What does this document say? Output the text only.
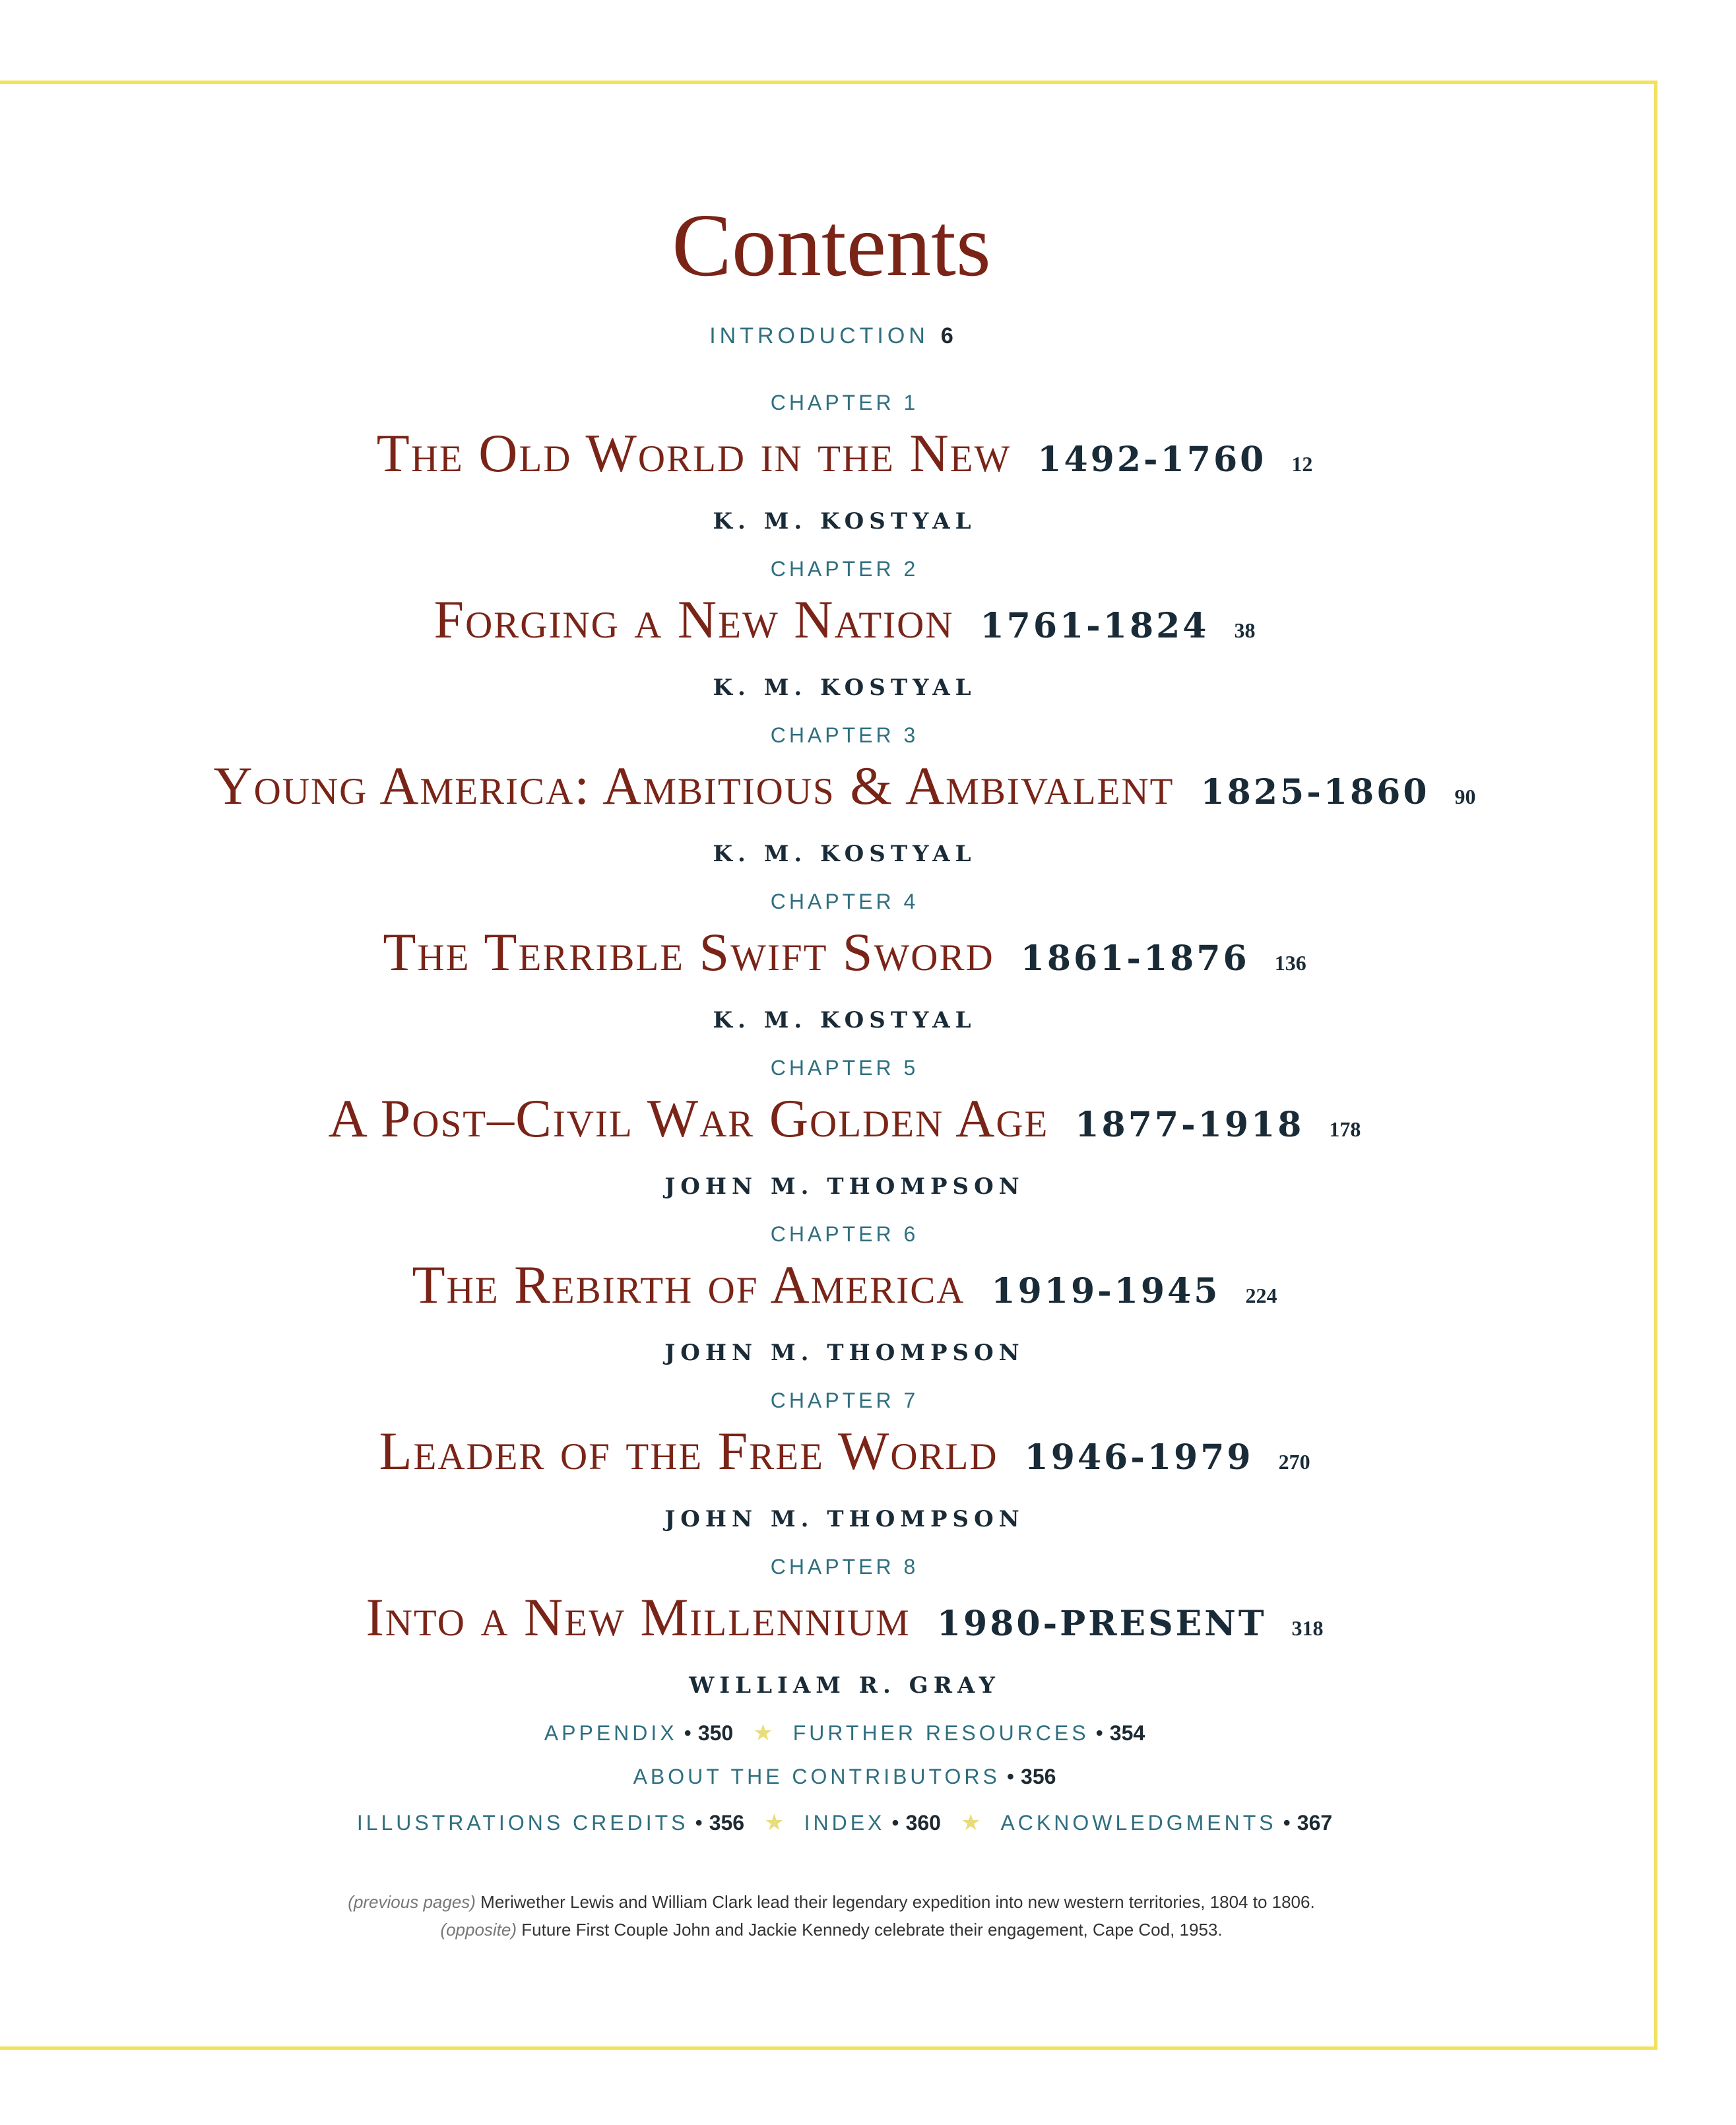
Contents
INTRODUCTION 6
CHAPTER 1
The Old World in the New 1492-1760 12
K. M. KOSTYAL
CHAPTER 2
Forging a New Nation 1761-1824 38
K. M. KOSTYAL
CHAPTER 3
Young America: Ambitious & Ambivalent 1825-1860 90
K. M. KOSTYAL
CHAPTER 4
The Terrible Swift Sword 1861-1876 136
K. M. KOSTYAL
CHAPTER 5
A Post–Civil War Golden Age 1877-1918 178
JOHN M. THOMPSON
CHAPTER 6
The Rebirth of America 1919-1945 224
JOHN M. THOMPSON
CHAPTER 7
Leader of the Free World 1946-1979 270
JOHN M. THOMPSON
CHAPTER 8
Into a New Millennium 1980-PRESENT 318
WILLIAM R. GRAY
APPENDIX • 350 ★ FURTHER RESOURCES • 354
ABOUT THE CONTRIBUTORS • 356
ILLUSTRATIONS CREDITS • 356 ★ INDEX • 360 ★ ACKNOWLEDGMENTS • 367
(previous pages) Meriwether Lewis and William Clark lead their legendary expedition into new western territories, 1804 to 1806.
(opposite) Future First Couple John and Jackie Kennedy celebrate their engagement, Cape Cod, 1953.
